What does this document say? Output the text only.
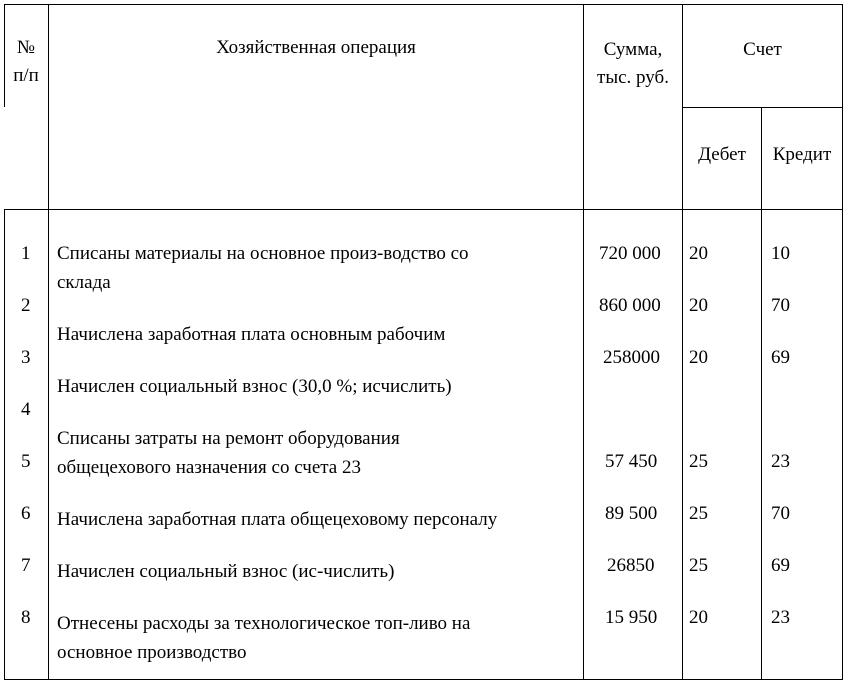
№
п/п
Хозяйственная операция	Сумма,
тыс. руб.
Счет
Дебет	Кредит
1
2
3
4
5
6
7
8
Списаны материалы на основное произ-водство со
склада
Начислена заработная плата основным рабочим
Начислен социальный взнос (30,0 %; исчислить)
Списаны затраты на ремонт оборудования
общецехового назначения со счета 23
Начислена заработная плата общецеховому персоналу
Начислен социальный взнос (ис-числить)
Отнесены расходы за технологическое топ-ливо на
основное производство
720 000
860 000
258000
57 450
89 500
26850
15 950
20
20
20
25
25
25
20
10
70
69
23
70
69
23
